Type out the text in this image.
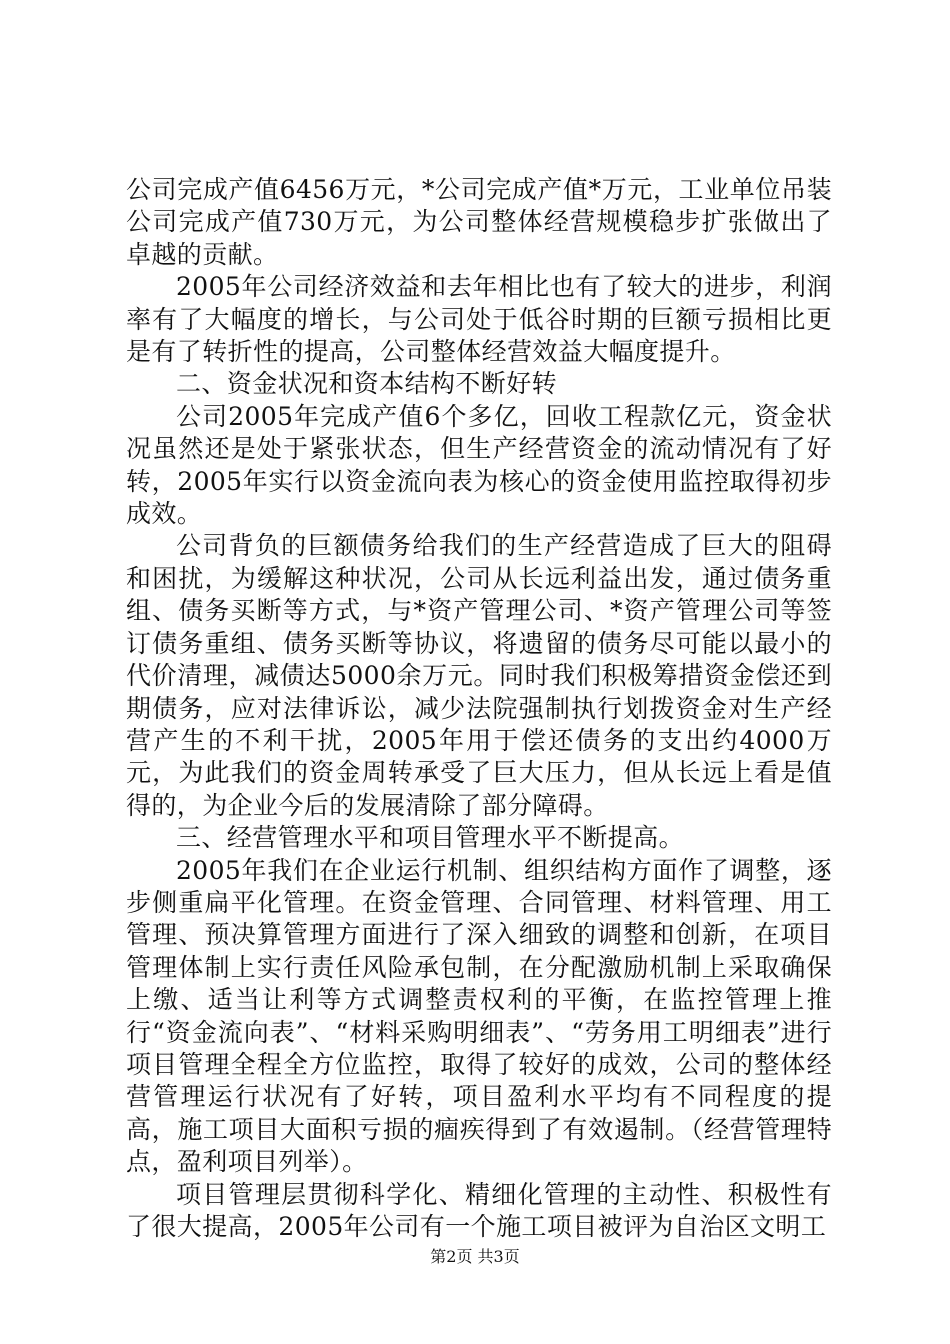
公司完成产值6456万元，*公司完成产值*万元，工业单位吊装公司完成产值730万元，为公司整体经营规模稳步扩张做出了卓越的贡献。

2005年公司经济效益和去年相比也有了较大的进步，利润率有了大幅度的增长，与公司处于低谷时期的巨额亏损相比更是有了转折性的提高，公司整体经营效益大幅度提升。

二、资金状况和资本结构不断好转

公司2005年完成产值6个多亿，回收工程款亿元，资金状况虽然还是处于紧张状态，但生产经营资金的流动情况有了好转，2005年实行以资金流向表为核心的资金使用监控取得初步成效。

公司背负的巨额债务给我们的生产经营造成了巨大的阻碍和困扰，为缓解这种状况，公司从长远利益出发，通过债务重组、债务买断等方式，与*资产管理公司、*资产管理公司等签订债务重组、债务买断等协议，将遗留的债务尽可能以最小的代价清理，减债达5000余万元。同时我们积极筹措资金偿还到期债务，应对法律诉讼，减少法院强制执行划拨资金对生产经营产生的不利干扰，2005年用于偿还债务的支出约4000万元，为此我们的资金周转承受了巨大压力，但从长远上看是值得的，为企业今后的发展清除了部分障碍。

三、经营管理水平和项目管理水平不断提高。

2005年我们在企业运行机制、组织结构方面作了调整，逐步侧重扁平化管理。在资金管理、合同管理、材料管理、用工管理、预决算管理方面进行了深入细致的调整和创新，在项目管理体制上实行责任风险承包制，在分配激励机制上采取确保上缴、适当让利等方式调整责权利的平衡，在监控管理上推行“资金流向表”、“材料采购明细表”、“劳务用工明细表”进行项目管理全程全方位监控，取得了较好的成效，公司的整体经营管理运行状况有了好转，项目盈利水平均有不同程度的提高，施工项目大面积亏损的痼疾得到了有效遏制。（经营管理特点，盈利项目列举）。

项目管理层贯彻科学化、精细化管理的主动性、积极性有了很大提高，2005年公司有一个施工项目被评为自治区文明工

第2页 共3页
